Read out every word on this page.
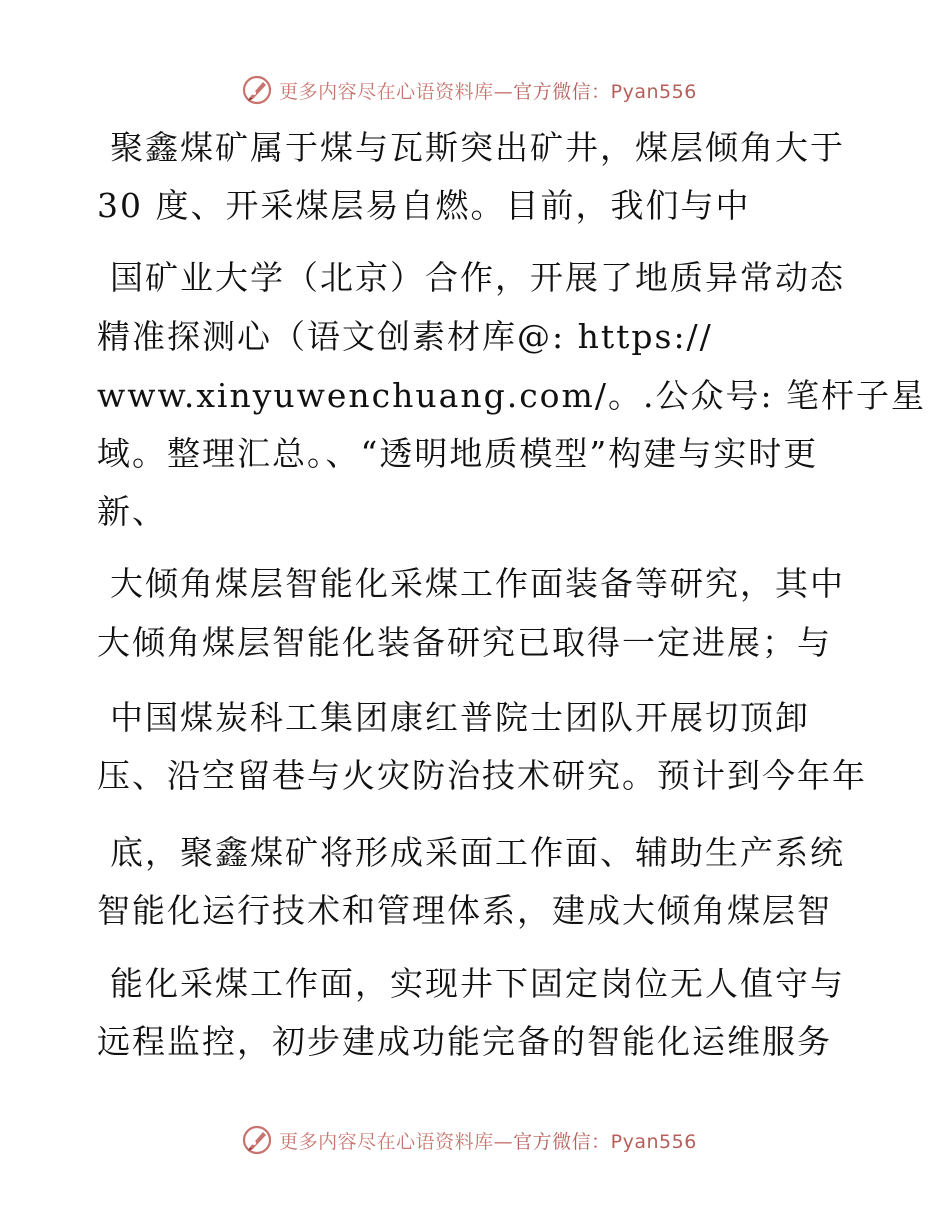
更多内容尽在心语资料库—官方微信：Pyan556
聚鑫煤矿属于煤与瓦斯突出矿井，煤层倾角大于
30 度、开采煤层易自燃。目前，我们与中
国矿业大学（北京）合作，开展了地质异常动态
精准探测心（语文创素材库@: https://
www.xinyuwenchuang.com/。.公众号: 笔杆子星
域。整理汇总。、“透明地质模型”构建与实时更
新、
大倾角煤层智能化采煤工作面装备等研究，其中
大倾角煤层智能化装备研究已取得一定进展；与
中国煤炭科工集团康红普院士团队开展切顶卸
压、沿空留巷与火灾防治技术研究。预计到今年年
底，聚鑫煤矿将形成采面工作面、辅助生产系统
智能化运行技术和管理体系，建成大倾角煤层智
能化采煤工作面，实现井下固定岗位无人值守与
远程监控，初步建成功能完备的智能化运维服务
更多内容尽在心语资料库—官方微信：Pyan556
